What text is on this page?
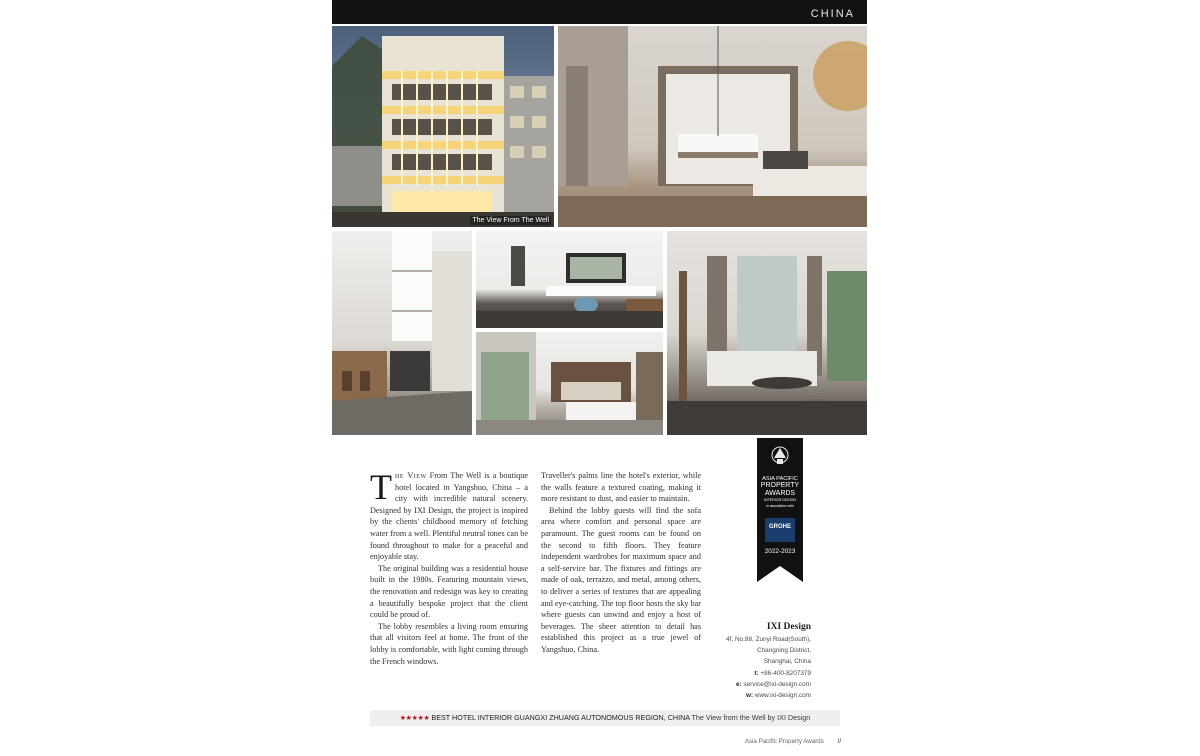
CHINA
The View From The Well

The View From The Well is a boutique hotel located in Yangshuo, China – a city with incredible natural scenery. Designed by IXI Design, the project is inspired by the clients' childhood memory of fetching water from a well. Plentiful neutral tones can be found throughout to make for a peaceful and enjoyable stay.

The original building was a residential house built in the 1980s. Featuring mountain views, the renovation and redesign was key to creating a beautifully bespoke project that the client could be proud of.

The lobby resembles a living room ensuring that all visitors feel at home. The front of the lobby is comfortable, with light coming through the French windows.

Traveller's palms line the hotel's exterior, while the walls feature a textured coating, making it more resistant to dust, and easier to maintain.

Behind the lobby guests will find the sofa area where comfort and personal space are paramount. The guest rooms can be found on the second to fifth floors. They feature independent wardrobes for maximum space and a self-service bar. The fixtures and fittings are made of oak, terrazzo, and metal, among others, to deliver a series of textures that are appealing and eye-catching. The top floor hosts the sky bar where guests can unwind and enjoy a host of beverages. The sheer attention to detail has established this project as a true jewel of Yangshuo, China.

ASIA PACIFIC
PROPERTY
AWARDS
INTERIOR DESIGN
in association with
GROHE
2022-2023
IXI Design
4f, No.88, Zunyi Road(South),
Changning District,
Shanghai, China
t: +86-400-8207379
e: service@ixi-design.com
w: www.ixi-design.com
★★★★★ BEST HOTEL INTERIOR GUANGXI ZHUANG AUTONOMOUS REGION, CHINA The View from the Well by IXI Design
Asia Pacific Property Awards II
